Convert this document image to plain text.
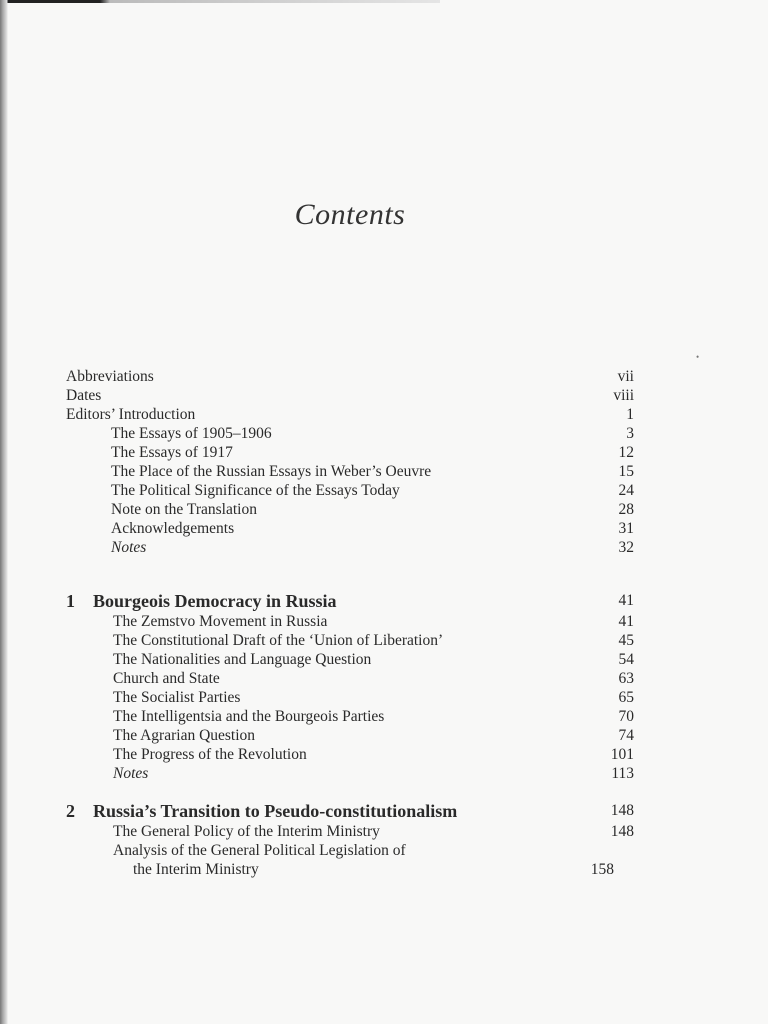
•
Contents
Abbreviations	vii
Dates	viii
Editors’ Introduction	1
The Essays of 1905–1906	3
The Essays of 1917	12
The Place of the Russian Essays in Weber’s Oeuvre	15
The Political Significance of the Essays Today	24
Note on the Translation	28
Acknowledgements	31
Notes	32
1 Bourgeois Democracy in Russia	41
The Zemstvo Movement in Russia	41
The Constitutional Draft of the ‘Union of Liberation’	45
The Nationalities and Language Question	54
Church and State	63
The Socialist Parties	65
The Intelligentsia and the Bourgeois Parties	70
The Agrarian Question	74
The Progress of the Revolution	101
Notes	113
2 Russia’s Transition to Pseudo-constitutionalism	148
The General Policy of the Interim Ministry	148
Analysis of the General Political Legislation of
the Interim Ministry	158
